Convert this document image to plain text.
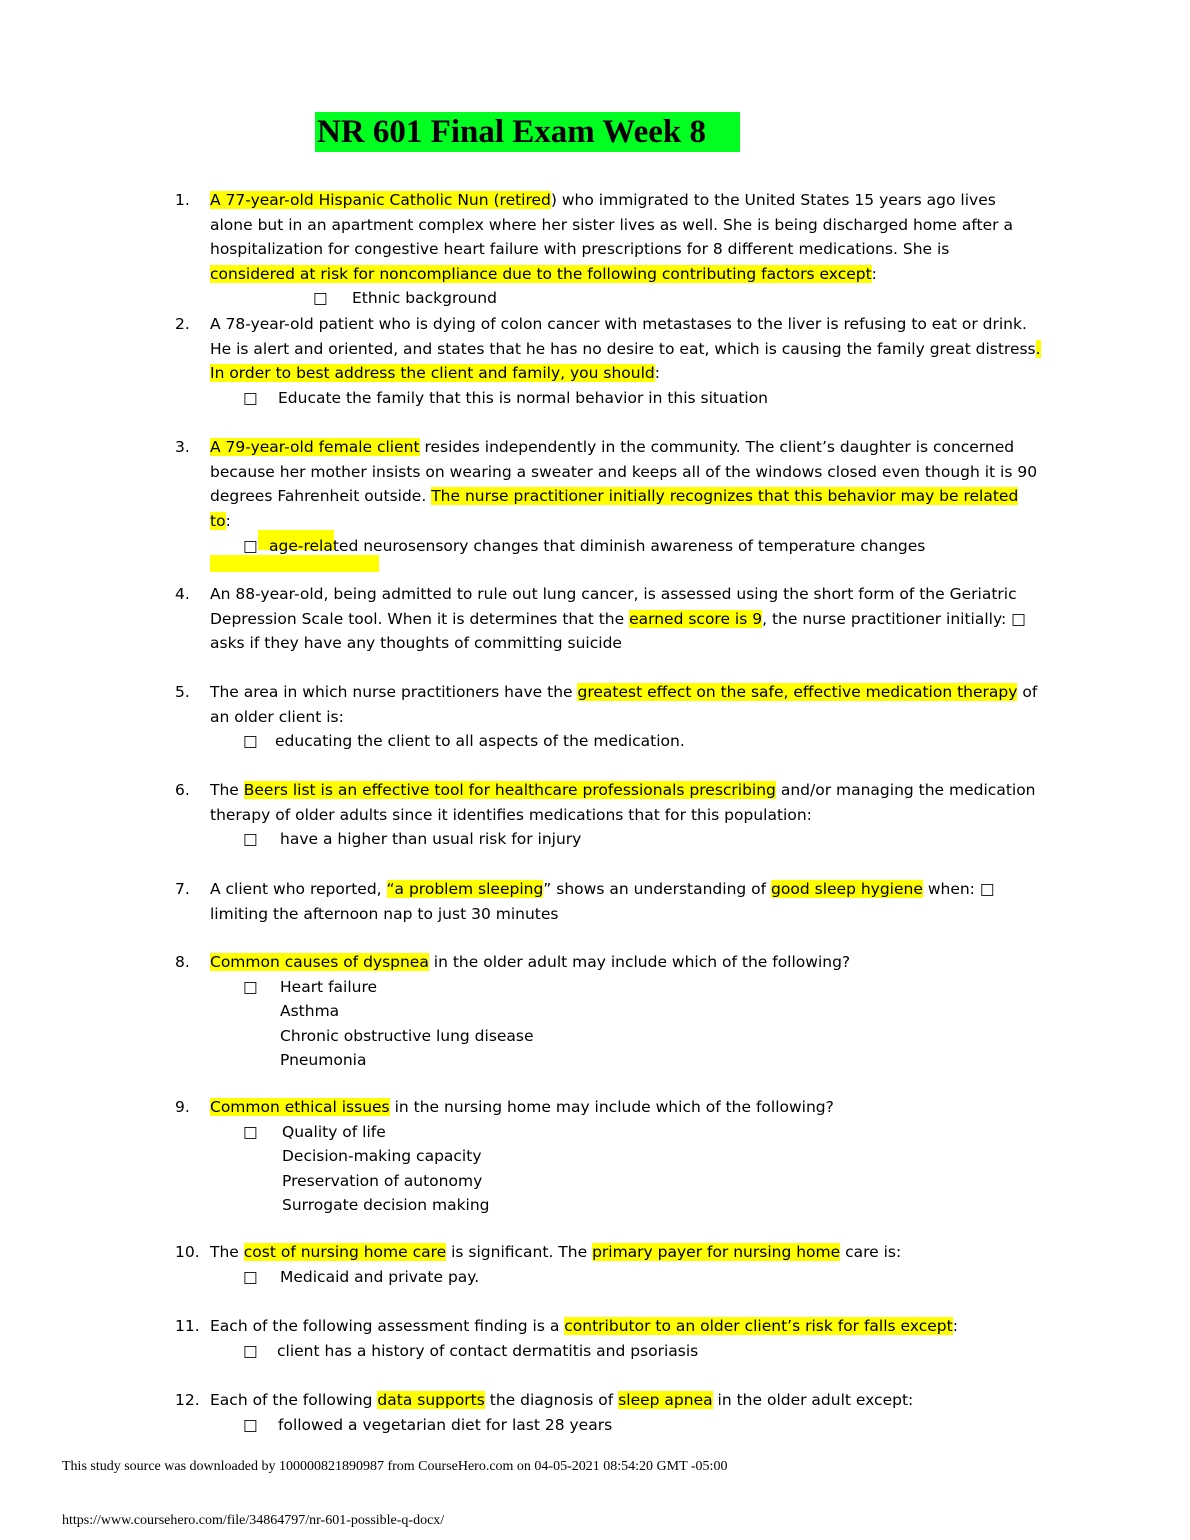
NR 601 Final Exam Week 8
1.	A 77-year-old Hispanic Catholic Nun (retired) who immigrated to the United States 15 years ago lives
alone but in an apartment complex where her sister lives as well. She is being discharged home after a
hospitalization for congestive heart failure with prescriptions for 8 different medications. She is
considered at risk for noncompliance due to the following contributing factors except:
□ Ethnic background
2.	A 78-year-old patient who is dying of colon cancer with metastases to the liver is refusing to eat or drink.
He is alert and oriented, and states that he has no desire to eat, which is causing the family great distress.
In order to best address the client and family, you should:
□ Educate the family that this is normal behavior in this situation
3.	A 79-year-old female client resides independently in the community. The client’s daughter is concerned
because her mother insists on wearing a sweater and keeps all of the windows closed even though it is 90
degrees Fahrenheit outside. The nurse practitioner initially recognizes that this behavior may be related
to:
□ age-related neurosensory changes that diminish awareness of temperature changes
4.	An 88-year-old, being admitted to rule out lung cancer, is assessed using the short form of the Geriatric
Depression Scale tool. When it is determines that the earned score is 9, the nurse practitioner initially: □
asks if they have any thoughts of committing suicide
5.	The area in which nurse practitioners have the greatest effect on the safe, effective medication therapy of
an older client is:
□ educating the client to all aspects of the medication.
6.	The Beers list is an effective tool for healthcare professionals prescribing and/or managing the medication
therapy of older adults since it identifies medications that for this population:
□ have a higher than usual risk for injury
7.	A client who reported, “a problem sleeping” shows an understanding of good sleep hygiene when: □
limiting the afternoon nap to just 30 minutes
8.	Common causes of dyspnea in the older adult may include which of the following?
□ Heart failure
Asthma
Chronic obstructive lung disease
Pneumonia
9.	Common ethical issues in the nursing home may include which of the following?
□ Quality of life
Decision-making capacity
Preservation of autonomy
Surrogate decision making
10. The cost of nursing home care is significant. The primary payer for nursing home care is:
□ Medicaid and private pay.
11. Each of the following assessment finding is a contributor to an older client’s risk for falls except:
□ client has a history of contact dermatitis and psoriasis
12. Each of the following data supports the diagnosis of sleep apnea in the older adult except:
□ followed a vegetarian diet for last 28 years
This study source was downloaded by 100000821890987 from CourseHero.com on 04-05-2021 08:54:20 GMT -05:00
https://www.coursehero.com/file/34864797/nr-601-possible-q-docx/
